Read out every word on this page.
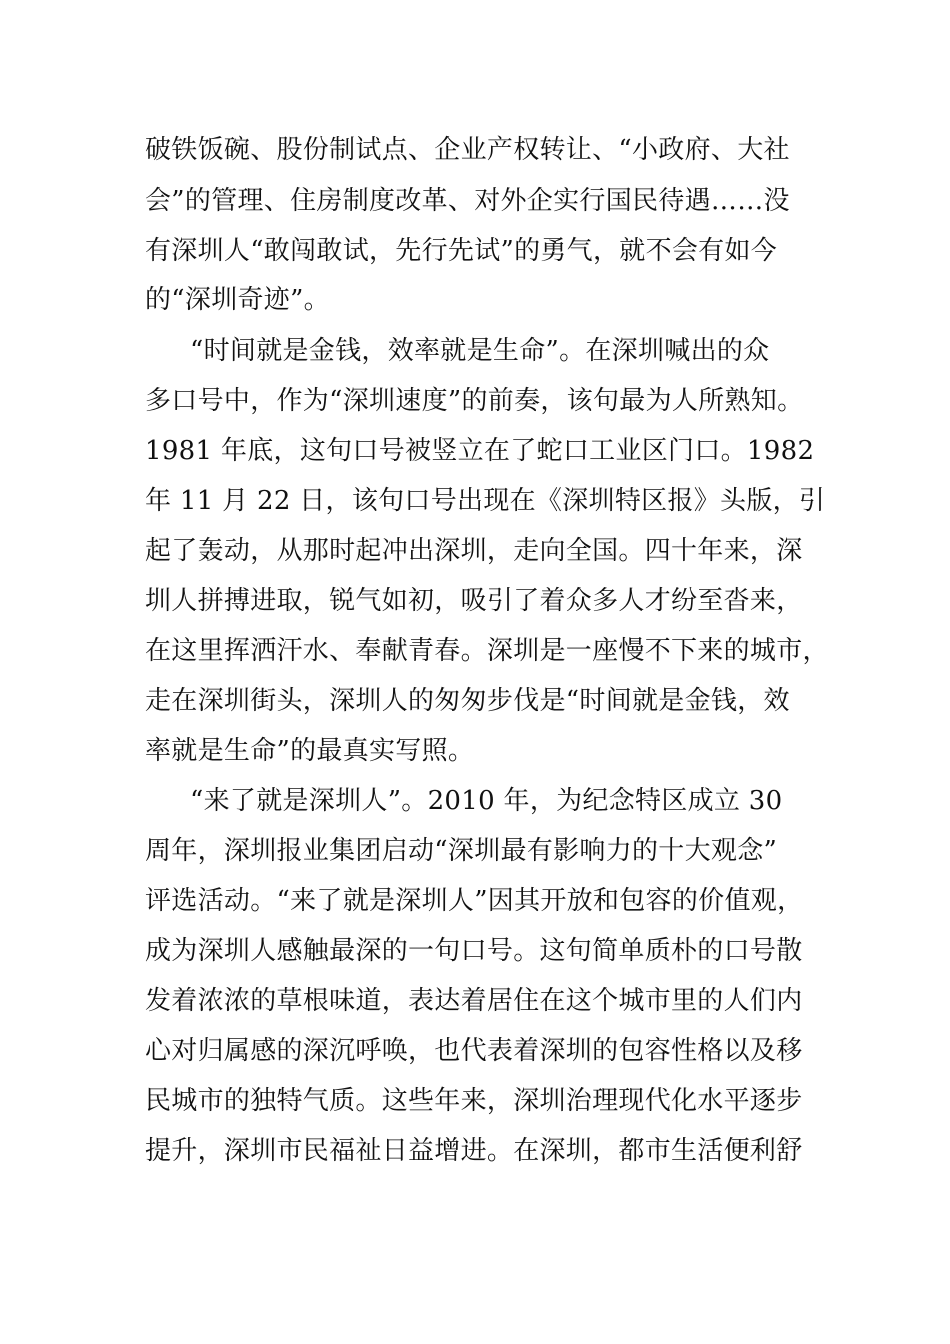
破铁饭碗、股份制试点、企业产权转让、“小政府、大社
会”的管理、住房制度改革、对外企实行国民待遇……没
有深圳人“敢闯敢试，先行先试”的勇气，就不会有如今
的“深圳奇迹”。
“时间就是金钱，效率就是生命”。在深圳喊出的众
多口号中，作为“深圳速度”的前奏，该句最为人所熟知。
1981 年底，这句口号被竖立在了蛇口工业区门口。1982
年 11 月 22 日，该句口号出现在《深圳特区报》头版，引
起了轰动，从那时起冲出深圳，走向全国。四十年来，深
圳人拼搏进取，锐气如初，吸引了着众多人才纷至沓来，
在这里挥洒汗水、奉献青春。深圳是一座慢不下来的城市，
走在深圳街头，深圳人的匆匆步伐是“时间就是金钱，效
率就是生命”的最真实写照。
“来了就是深圳人”。2010 年，为纪念特区成立 30
周年，深圳报业集团启动“深圳最有影响力的十大观念”
评选活动。“来了就是深圳人”因其开放和包容的价值观，
成为深圳人感触最深的一句口号。这句简单质朴的口号散
发着浓浓的草根味道，表达着居住在这个城市里的人们内
心对归属感的深沉呼唤，也代表着深圳的包容性格以及移
民城市的独特气质。这些年来，深圳治理现代化水平逐步
提升，深圳市民福祉日益增进。在深圳，都市生活便利舒
